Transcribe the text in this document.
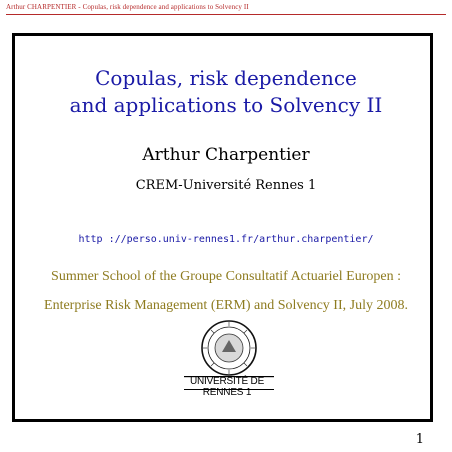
Arthur CHARPENTIER - Copulas, risk dependence and applications to Solvency II
Copulas, risk dependence
and applications to Solvency II
Arthur Charpentier
CREM-Université Rennes 1
http ://perso.univ-rennes1.fr/arthur.charpentier/
Summer School of the Groupe Consultatif Actuariel Europen :
Enterprise Risk Management (ERM) and Solvency II, July 2008.
UNIVERSITÉ DE RENNES 1
1
